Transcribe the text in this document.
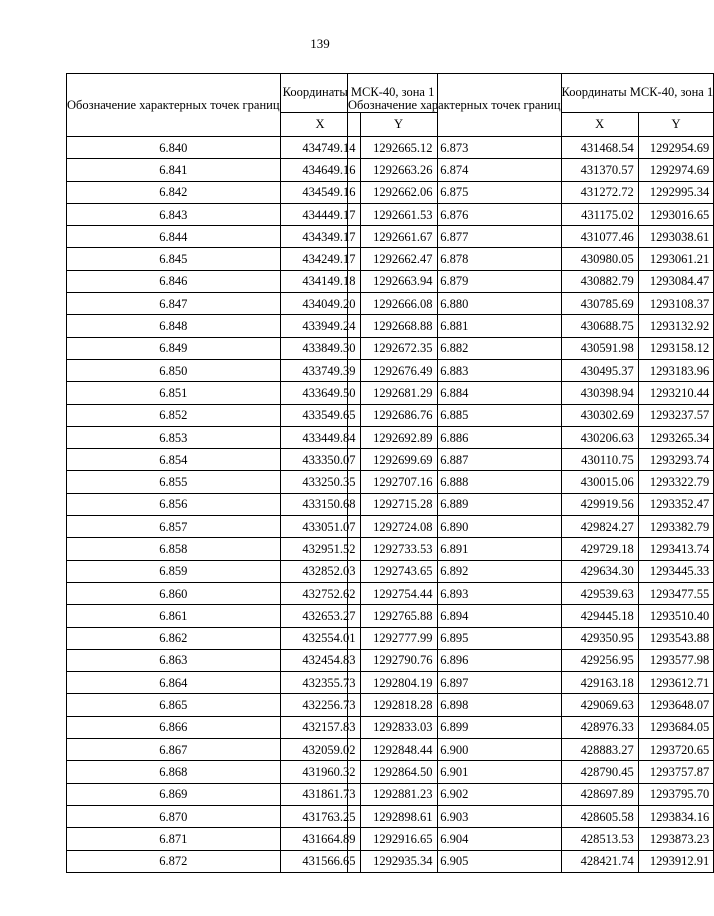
139
Обозначение характерных точек границ	Координаты МСК-40, зона 1	
	X	Y
6.840	434749.14	1292665.12
6.841	434649.16	1292663.26
6.842	434549.16	1292662.06
6.843	434449.17	1292661.53
6.844	434349.17	1292661.67
6.845	434249.17	1292662.47
6.846	434149.18	1292663.94
6.847	434049.20	1292666.08
6.848	433949.24	1292668.88
6.849	433849.30	1292672.35
6.850	433749.39	1292676.49
6.851	433649.50	1292681.29
6.852	433549.65	1292686.76
6.853	433449.84	1292692.89
6.854	433350.07	1292699.69
6.855	433250.35	1292707.16
6.856	433150.68	1292715.28
6.857	433051.07	1292724.08
6.858	432951.52	1292733.53
6.859	432852.03	1292743.65
6.860	432752.62	1292754.44
6.861	432653.27	1292765.88
6.862	432554.01	1292777.99
6.863	432454.83	1292790.76
6.864	432355.73	1292804.19
6.865	432256.73	1292818.28
6.866	432157.83	1292833.03
6.867	432059.02	1292848.44
6.868	431960.32	1292864.50
6.869	431861.73	1292881.23
6.870	431763.25	1292898.61
6.871	431664.89	1292916.65
6.872	431566.65	1292935.34
Обозначение характерных точек границ	Координаты МСК-40, зона 1	
	X	Y
6.873	431468.54	1292954.69
6.874	431370.57	1292974.69
6.875	431272.72	1292995.34
6.876	431175.02	1293016.65
6.877	431077.46	1293038.61
6.878	430980.05	1293061.21
6.879	430882.79	1293084.47
6.880	430785.69	1293108.37
6.881	430688.75	1293132.92
6.882	430591.98	1293158.12
6.883	430495.37	1293183.96
6.884	430398.94	1293210.44
6.885	430302.69	1293237.57
6.886	430206.63	1293265.34
6.887	430110.75	1293293.74
6.888	430015.06	1293322.79
6.889	429919.56	1293352.47
6.890	429824.27	1293382.79
6.891	429729.18	1293413.74
6.892	429634.30	1293445.33
6.893	429539.63	1293477.55
6.894	429445.18	1293510.40
6.895	429350.95	1293543.88
6.896	429256.95	1293577.98
6.897	429163.18	1293612.71
6.898	429069.63	1293648.07
6.899	428976.33	1293684.05
6.900	428883.27	1293720.65
6.901	428790.45	1293757.87
6.902	428697.89	1293795.70
6.903	428605.58	1293834.16
6.904	428513.53	1293873.23
6.905	428421.74	1293912.91
